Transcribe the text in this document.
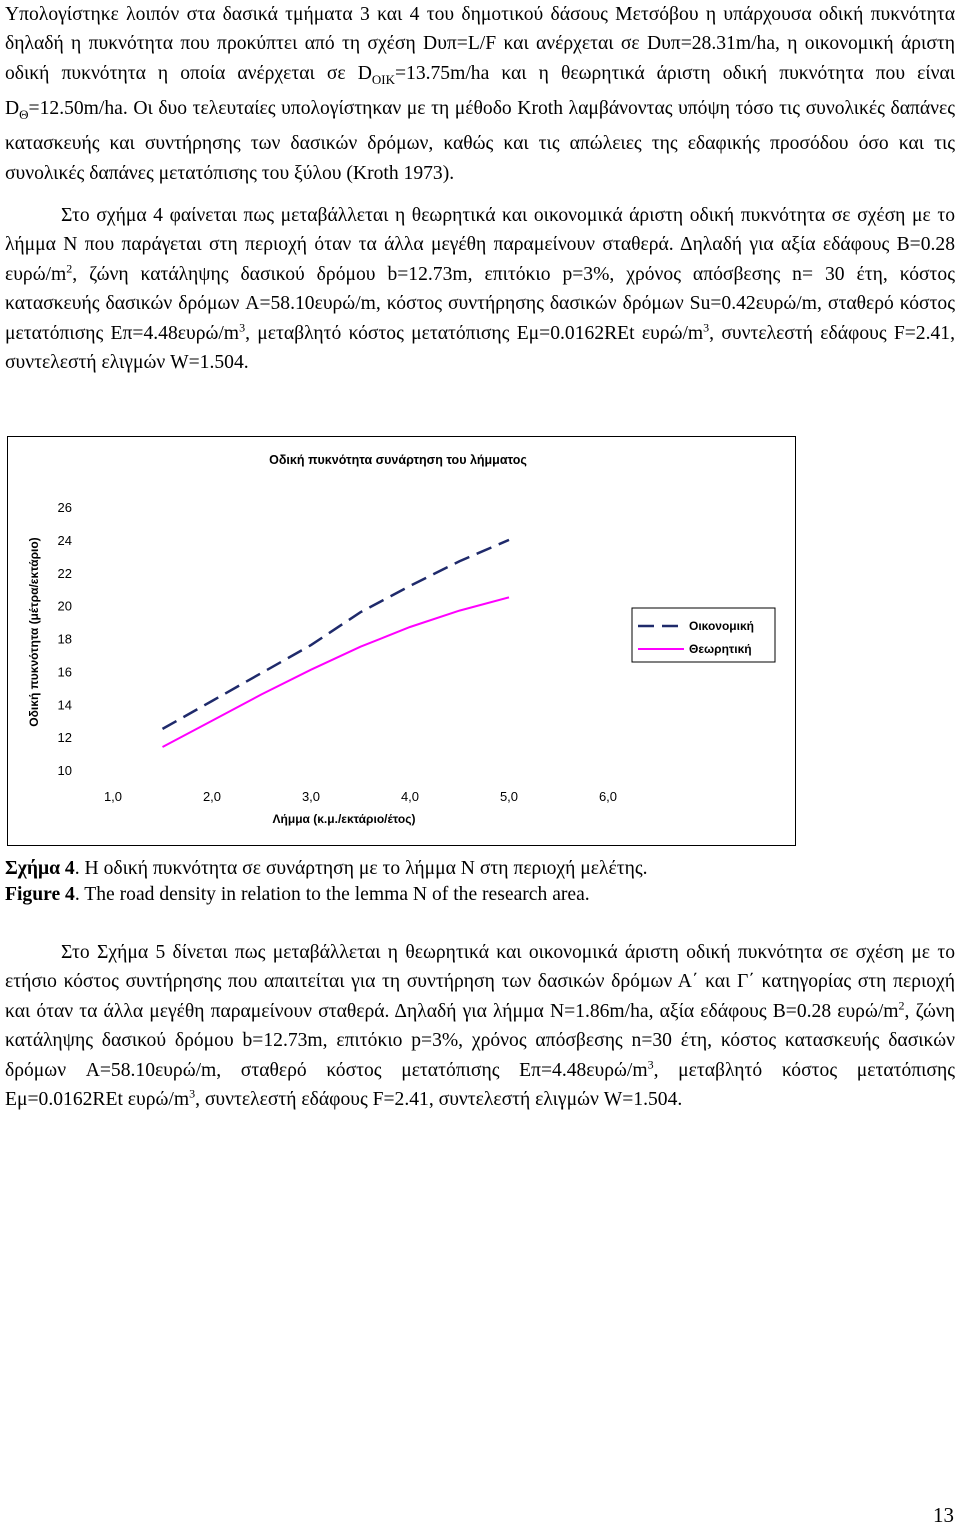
Υπολογίστηκε λοιπόν στα δασικά τμήματα 3 και 4 του δημοτικού δάσους Μετσόβου η υπάρχουσα οδική πυκνότητα δηλαδή η πυκνότητα που προκύπτει από τη σχέση Dυπ=L/F και ανέρχεται σε Dυπ=28.31m/ha, η οικονομική άριστη οδική πυκνότητα η οποία ανέρχεται σε $D_{OIK}=13.75m/ha$ και η θεωρητικά άριστη οδική πυκνότητα που είναι $D_\Theta=12.50m/ha$. Οι δυο τελευταίες υπολογίστηκαν με τη μέθοδο Kroth λαμβάνοντας υπόψη τόσο τις συνολικές δαπάνες κατασκευής και συντήρησης των δασικών δρόμων, καθώς και τις απώλειες της εδαφικής προσόδου όσο και τις συνολικές δαπάνες μετατόπισης του ξύλου (Kroth 1973).

Στο σχήμα 4 φαίνεται πως μεταβάλλεται η θεωρητικά και οικονομικά άριστη οδική πυκνότητα σε σχέση με το λήμμα N που παράγεται στη περιοχή όταν τα άλλα μεγέθη παραμείνουν σταθερά. Δηλαδή για αξία εδάφους B=0.28 ευρώ/$m^2$, ζώνη κατάληψης δασικού δρόμου b=12.73m, επιτόκιο p=3%, χρόνος απόσβεσης n= 30 έτη, κόστος κατασκευής δασικών δρόμων A=58.10ευρώ/m, κόστος συντήρησης δασικών δρόμων Su=0.42ευρώ/m, σταθερό κόστος μετατόπισης $E\pi=4.48\varepsilon\upsilon\rho ώ/m^3$, μεταβλητό κόστος μετατόπισης Eμ=0.0162REt ευρώ/$m^3$, συντελεστή εδάφους F=2.41, συντελεστή ελιγμών W=1.504.

Οδική πυκνότητα συνάρτηση του λήμματος
Οδική πυκνότητα (μέτρα/εκτάριο)
Λήμμα (κ.μ./εκτάριο/έτος)
10
12
14
16
18
20
22
24
26
1,0	2,0	3,0	4,0	5,0	6,0
Οικονομική
Θεωρητική
Σχήμα 4. Η οδική πυκνότητα σε συνάρτηση με το λήμμα N στη περιοχή μελέτης.
Figure 4. The road density in relation to the lemma N of the research area.

Στο Σχήμα 5 δίνεται πως μεταβάλλεται η θεωρητικά και οικονομικά άριστη οδική πυκνότητα σε σχέση με το ετήσιο κόστος συντήρησης που απαιτείται για τη συντήρηση των δασικών δρόμων Α΄ και Γ΄ κατηγορίας στη περιοχή και όταν τα άλλα μεγέθη παραμείνουν σταθερά. Δηλαδή για λήμμα N=1.86m/ha, αξία εδάφους B=0.28 ευρώ/$m^2$, ζώνη κατάληψης δασικού δρόμου b=12.73m, επιτόκιο p=3%, χρόνος απόσβεσης n=30 έτη, κόστος κατασκευής δασικών δρόμων A=58.10ευρώ/m, σταθερό κόστος μετατόπισης $E\pi=4.48\varepsilon\upsilon\rho ώ/m^3$, μεταβλητό κόστος μετατόπισης Eμ=0.0162REt ευρώ/$m^3$, συντελεστή εδάφους F=2.41, συντελεστή ελιγμών W=1.504.

13
